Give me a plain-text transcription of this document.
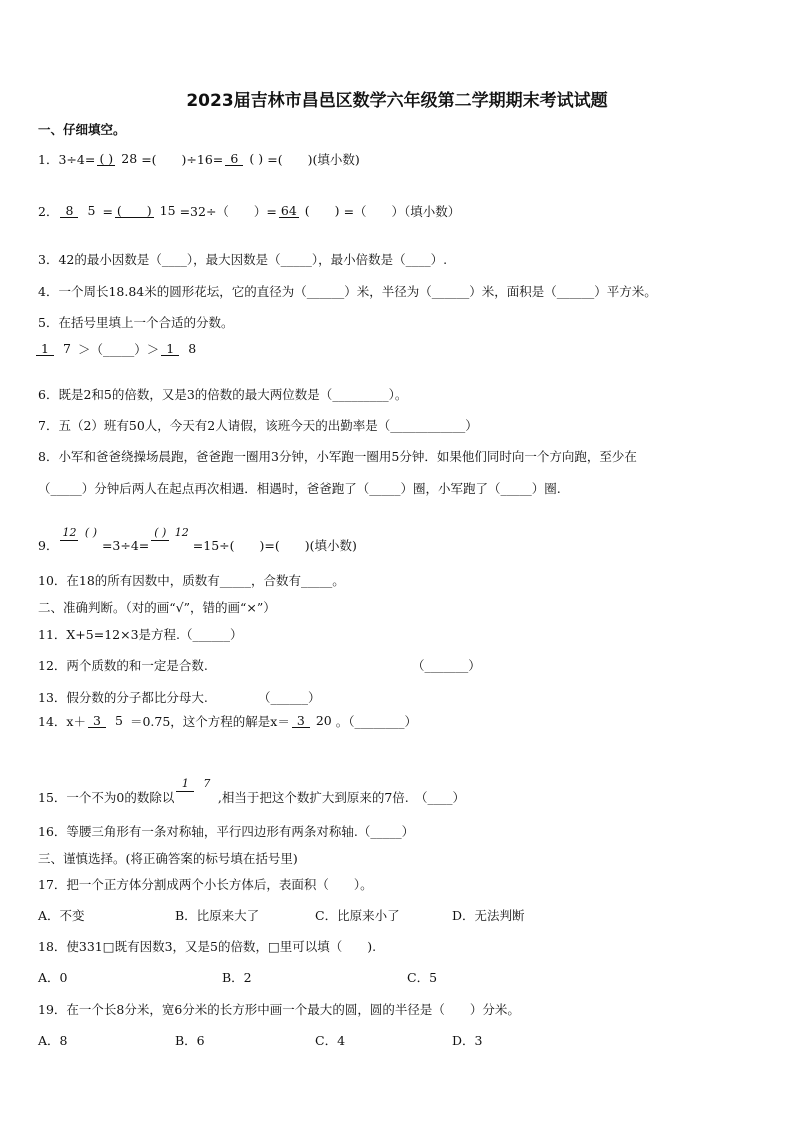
2023届吉林市昌邑区数学六年级第二学期期末考试试题
一、仔细填空。
1．3÷4= ( ) 28 =(　　)÷16= 6 ( ) =(　　)(填小数)
2． 8 5 = (　　) 15 =32÷（　　）= 64 (　　) =（　　）（填小数）
3．42的最小因数是（____），最大因数是（_____），最小倍数是（____）.
4．一个周长18.84米的圆形花坛，它的直径为（______）米，半径为（______）米，面积是（______）平方米。
5．在括号里填上一个合适的分数。
1 7 ＞（_____）＞ 1 8
6．既是2和5的倍数，又是3的倍数的最大两位数是（_________）。
7．五（2）班有50人，今天有2人请假，该班今天的出勤率是（____________）
8．小军和爸爸绕操场晨跑，爸爸跑一圈用3分钟，小军跑一圈用5分钟．如果他们同时向一个方向跑，至少在
（_____）分钟后两人在起点再次相遇．相遇时，爸爸跑了（_____）圈，小军跑了（_____）圈.
9．
12 ( )
=3÷4=
( ) 12
=15÷(　　)=(　　)(填小数)
10．在18的所有因数中，质数有_____，合数有_____。
二、准确判断。（对的画“√”，错的画“×”）
11．X+5=12×3是方程.（______）
12．两个质数的和一定是合数.	（_______）
13．假分数的分子都比分母大.	（______）
14．x＋ 3 5 ＝0.75，这个方程的解是x＝ 3 20 。（________）
15．一个不为0的数除以
1 7
,相当于把这个数扩大到原来的7倍.　（____）
16．等腰三角形有一条对称轴，平行四边形有两条对称轴.（_____）
三、谨慎选择。(将正确答案的标号填在括号里)
17．把一个正方体分割成两个小长方体后，表面积（　　）。
A．不变	B．比原来大了	C．比原来小了	D．无法判断
18．使331□既有因数3，又是5的倍数，□里可以填（　　).
A．0	B．2	C．5
19．在一个长8分米，宽6分米的长方形中画一个最大的圆，圆的半径是（　　）分米。
A．8	B．6	C．4	D．3
